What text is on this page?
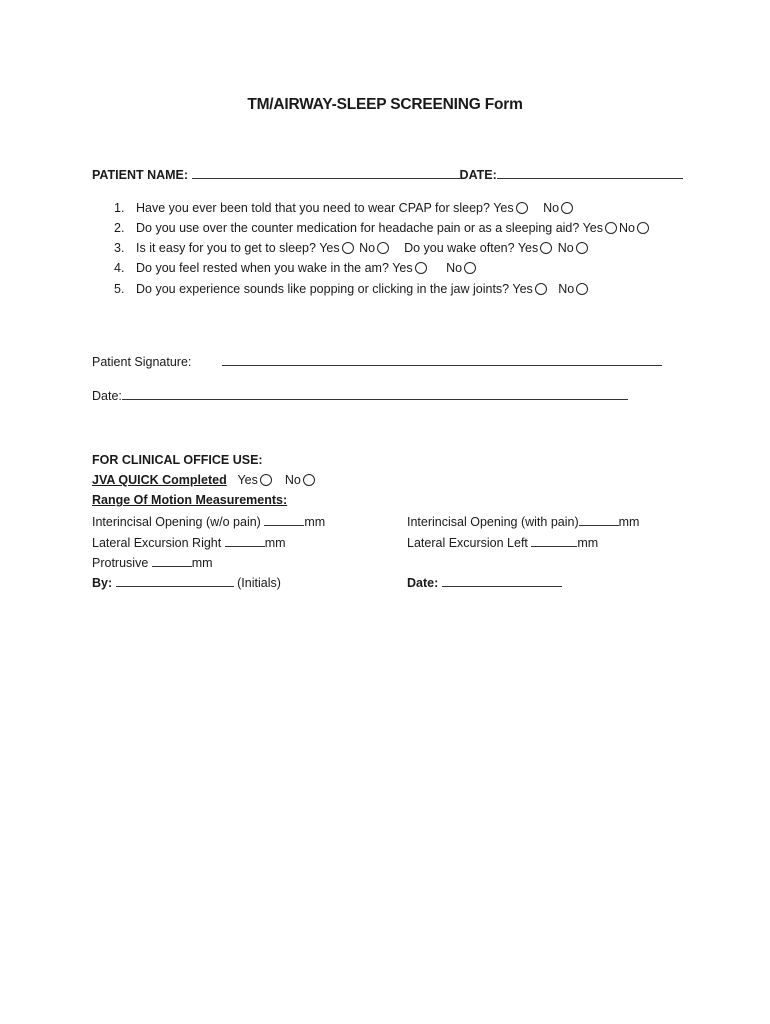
TM/AIRWAY-SLEEP SCREENING Form
PATIENT NAME:	DATE:
1. Have you ever been told that you need to wear CPAP for sleep? Yes No
2. Do you use over the counter medication for headache pain or as a sleeping aid? Yes No
3. Is it easy for you to get to sleep? Yes No Do you wake often? Yes No
4. Do you feel rested when you wake in the am? Yes	No
5. Do you experience sounds like popping or clicking in the jaw joints? Yes No
Patient Signature:
Date:
FOR CLINICAL OFFICE USE:
JVA QUICK Completed Yes No
Range Of Motion Measurements:
Interincisal Opening (w/o pain)	mm	Interincisal Opening (with pain)	mm
Lateral Excursion Right	mm	Lateral Excursion Left	mm
Protrusive	mm
By:	(Initials)	Date:
